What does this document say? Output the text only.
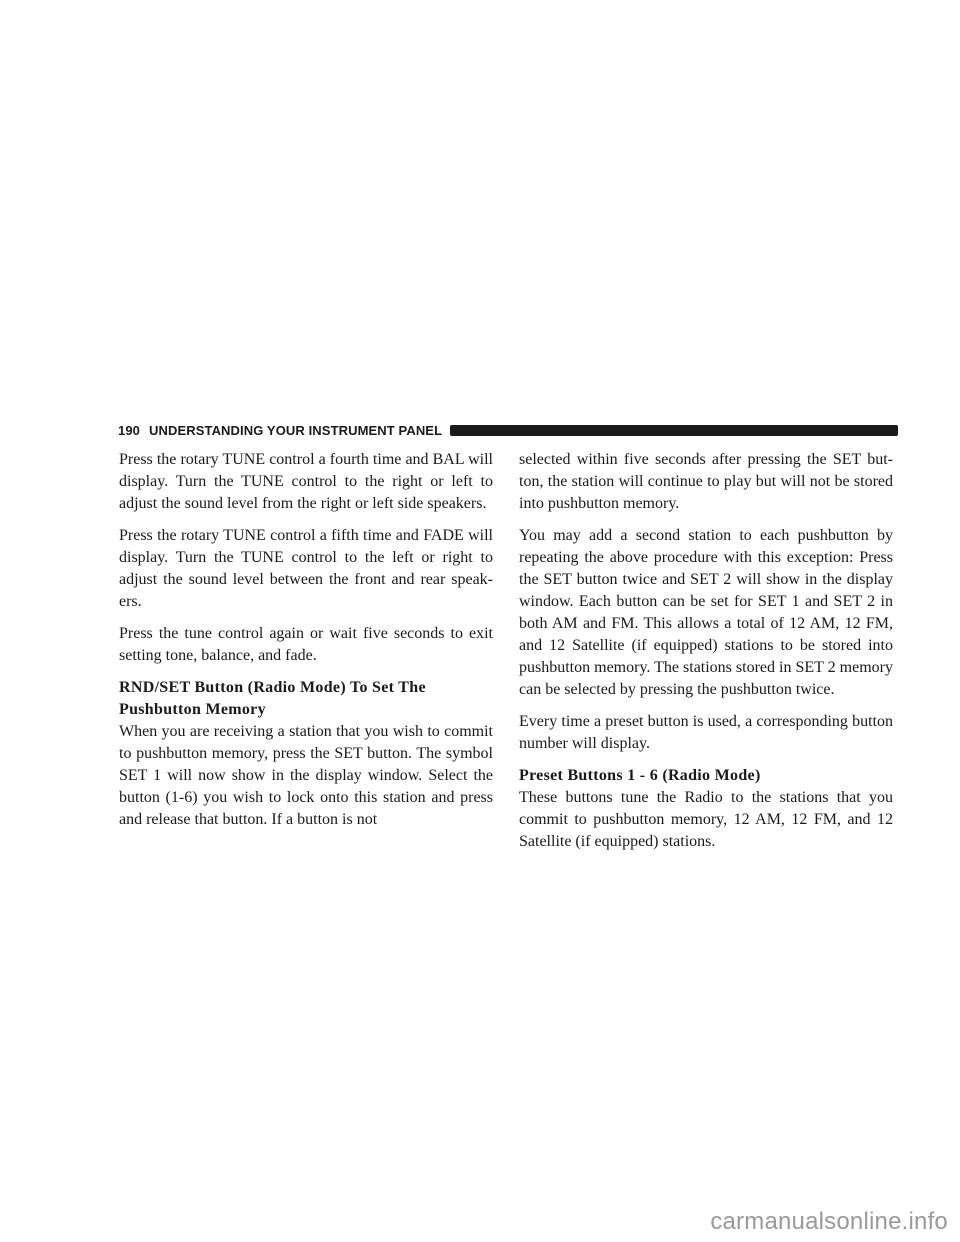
190 UNDERSTANDING YOUR INSTRUMENT PANEL

Press the rotary TUNE control a fourth time and BAL will display. Turn the TUNE control to the right or left to adjust the sound level from the right or left side speakers.

Press the rotary TUNE control a fifth time and FADE will display. Turn the TUNE control to the left or right to adjust the sound level between the front and rear speak-ers.

Press the tune control again or wait five seconds to exit setting tone, balance, and fade.

RND/SET Button (Radio Mode) To Set The Pushbutton Memory

When you are receiving a station that you wish to commit to pushbutton memory, press the SET button. The symbol SET 1 will now show in the display window. Select the button (1-6) you wish to lock onto this station and press and release that button. If a button is not

selected within five seconds after pressing the SET but-ton, the station will continue to play but will not be stored into pushbutton memory.

You may add a second station to each pushbutton by repeating the above procedure with this exception: Press the SET button twice and SET 2 will show in the display window. Each button can be set for SET 1 and SET 2 in both AM and FM. This allows a total of 12 AM, 12 FM, and 12 Satellite (if equipped) stations to be stored into pushbutton memory. The stations stored in SET 2 memory can be selected by pressing the pushbutton twice.

Every time a preset button is used, a corresponding button number will display.

Preset Buttons 1 - 6 (Radio Mode)

These buttons tune the Radio to the stations that you commit to pushbutton memory, 12 AM, 12 FM, and 12 Satellite (if equipped) stations.

carmanualsonline.info
